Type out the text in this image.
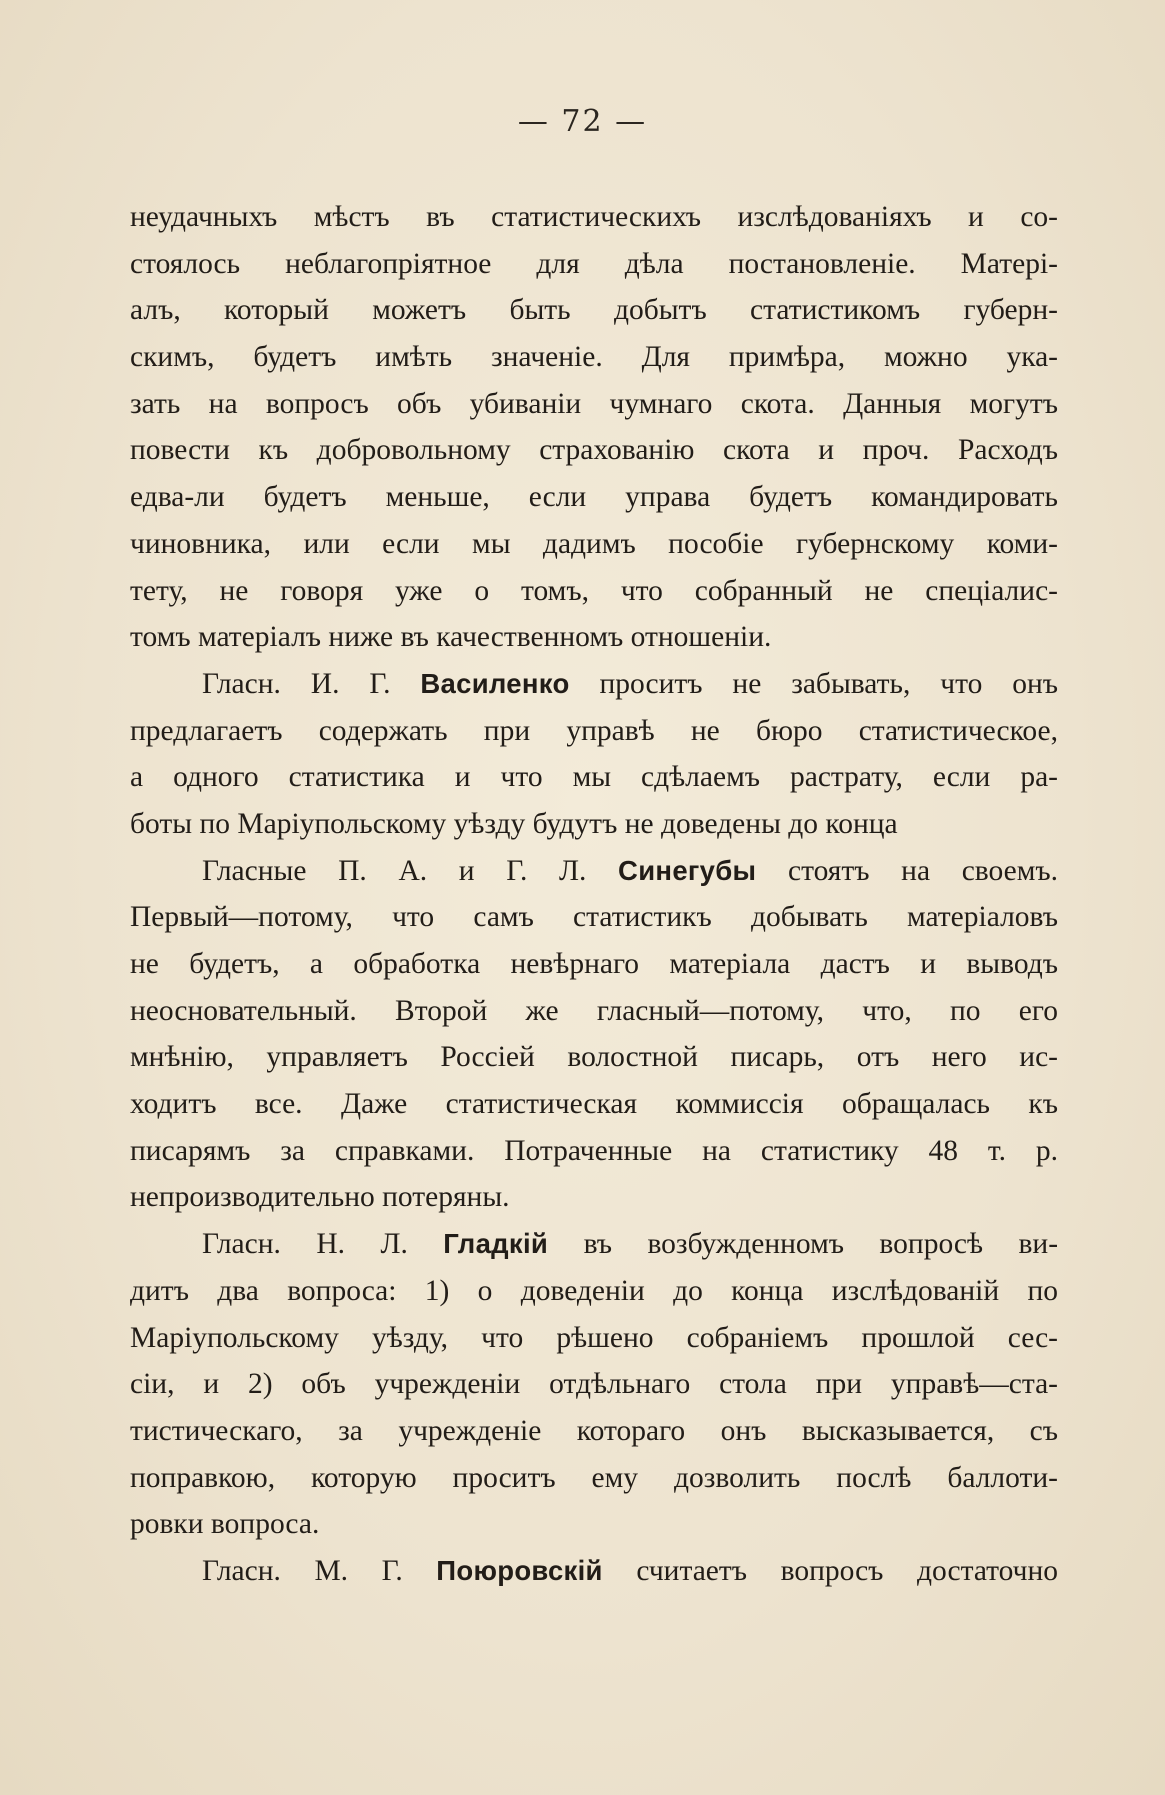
— 72 —
неудачныхъ мѣстъ въ статистическихъ изслѣдованіяхъ и со-
стоялось неблагопріятное для дѣла постановленіе. Матері-
алъ, который можетъ быть добытъ статистикомъ губерн-
скимъ, будетъ имѣть значеніе. Для примѣра, можно ука-
зать на вопросъ объ убиваніи чумнаго скота. Данныя могутъ
повести къ добровольному страхованію скота и проч. Расходъ
едва-ли будетъ меньше, если управа будетъ командировать
чиновника, или если мы дадимъ пособіе губернскому коми-
тету, не говоря уже о томъ, что собранный не спеціалис-
томъ матеріалъ ниже въ качественномъ отношеніи.
Гласн. И. Г. Василенко проситъ не забывать, что онъ
предлагаетъ содержать при управѣ не бюро статистическое,
а одного статистика и что мы сдѣлаемъ растрату, если ра-
боты по Маріупольскому уѣзду будутъ не доведены до конца
Гласные П. А. и Г. Л. Синегубы стоятъ на своемъ.
Первый—потому, что самъ статистикъ добывать матеріаловъ
не будетъ, а обработка невѣрнаго матеріала дастъ и выводъ
неосновательный. Второй же гласный—потому, что, по его
мнѣнію, управляетъ Россіей волостной писарь, отъ него ис-
ходитъ все. Даже статистическая коммиссія обращалась къ
писарямъ за справками. Потраченные на статистику 48 т. р.
непроизводительно потеряны.
Гласн. Н. Л. Гладкій въ возбужденномъ вопросѣ ви-
дитъ два вопроса: 1) о доведеніи до конца изслѣдованій по
Маріупольскому уѣзду, что рѣшено собраніемъ прошлой сес-
сіи, и 2) объ учрежденіи отдѣльнаго стола при управѣ—ста-
тистическаго, за учрежденіе котораго онъ высказывается, съ
поправкою, которую проситъ ему дозволить послѣ баллоти-
ровки вопроса.
Гласн. М. Г. Поюровскій считаетъ вопросъ достаточно
